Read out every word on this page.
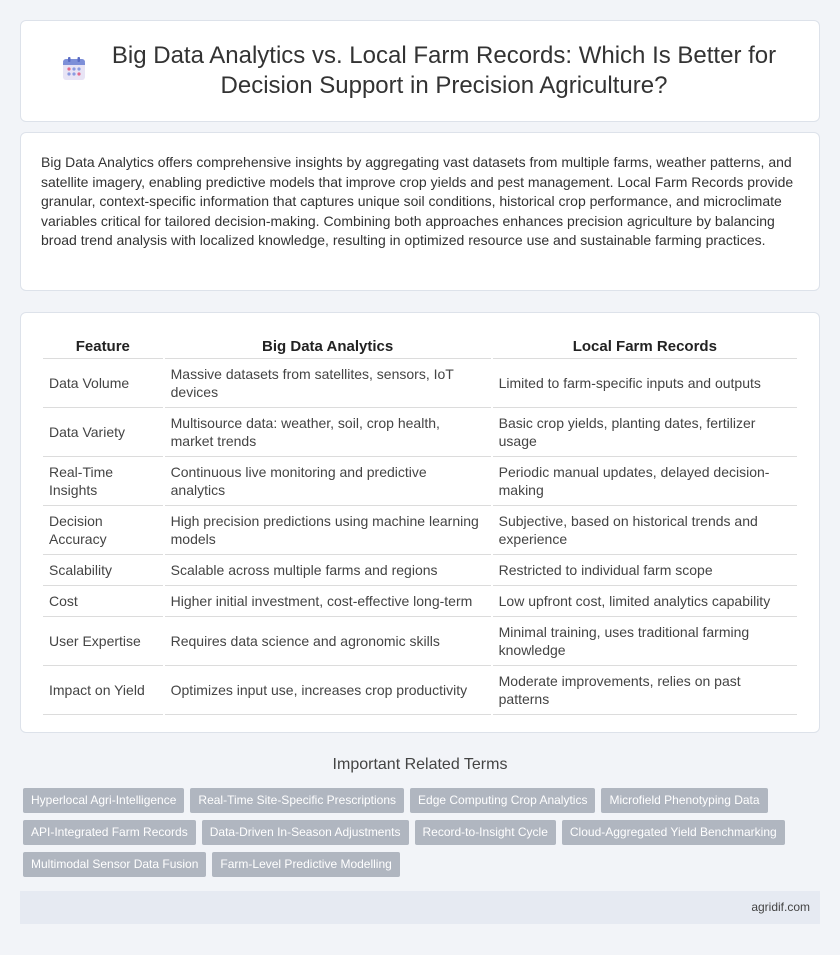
Big Data Analytics vs. Local Farm Records: Which Is Better for Decision Support in Precision Agriculture?

Big Data Analytics offers comprehensive insights by aggregating vast datasets from multiple farms, weather patterns, and satellite imagery, enabling predictive models that improve crop yields and pest management. Local Farm Records provide granular, context-specific information that captures unique soil conditions, historical crop performance, and microclimate variables critical for tailored decision-making. Combining both approaches enhances precision agriculture by balancing broad trend analysis with localized knowledge, resulting in optimized resource use and sustainable farming practices.

Feature	Big Data Analytics	Local Farm Records
Data Volume	Massive datasets from satellites, sensors, IoT devices	Limited to farm-specific inputs and outputs
Data Variety	Multisource data: weather, soil, crop health, market trends	Basic crop yields, planting dates, fertilizer usage
Real-Time Insights	Continuous live monitoring and predictive analytics	Periodic manual updates, delayed decision-making
Decision Accuracy	High precision predictions using machine learning models	Subjective, based on historical trends and experience
Scalability	Scalable across multiple farms and regions	Restricted to individual farm scope
Cost	Higher initial investment, cost-effective long-term	Low upfront cost, limited analytics capability
User Expertise	Requires data science and agronomic skills	Minimal training, uses traditional farming knowledge
Impact on Yield	Optimizes input use, increases crop productivity	Moderate improvements, relies on past patterns
Important Related Terms
Hyperlocal Agri-Intelligence	Real-Time Site-Specific Prescriptions	Edge Computing Crop Analytics	Microfield Phenotyping Data
API-Integrated Farm Records	Data-Driven In-Season Adjustments	Record-to-Insight Cycle	Cloud-Aggregated Yield Benchmarking
Multimodal Sensor Data Fusion	Farm-Level Predictive Modelling
agridif.com
